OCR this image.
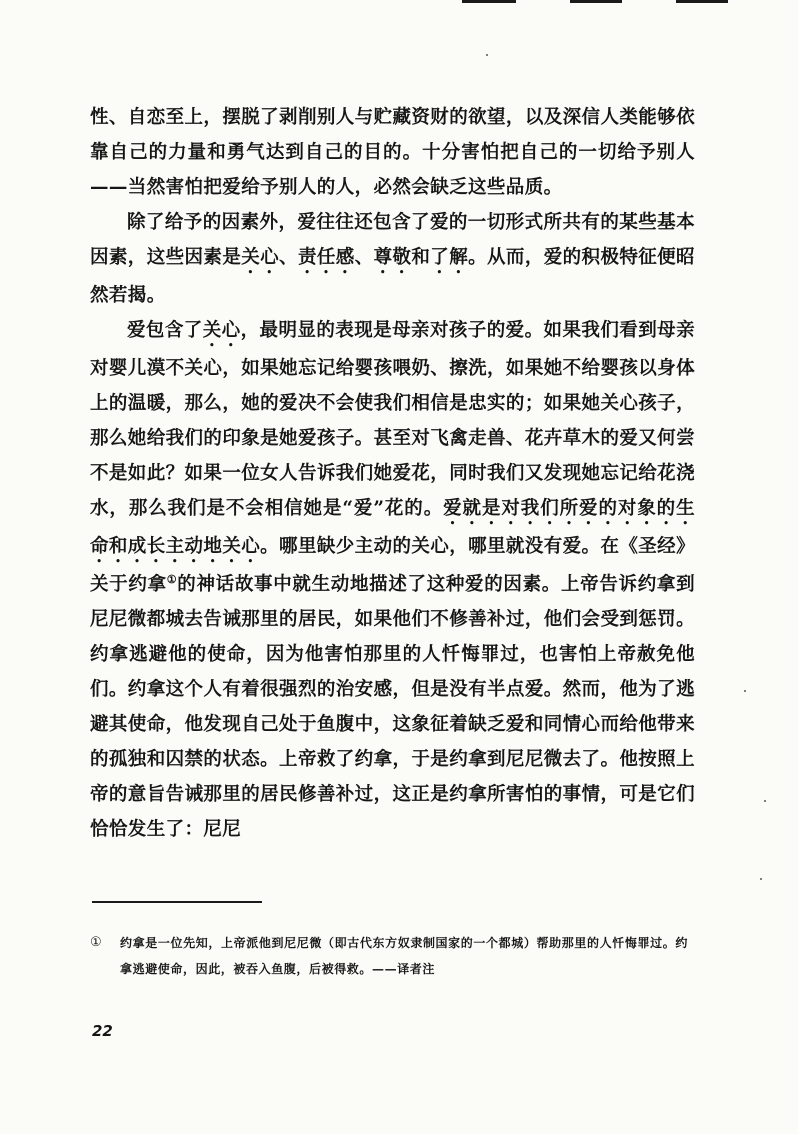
性、自恋至上，摆脱了剥削别人与贮藏资财的欲望，以及深信人类能够依靠自己的力量和勇气达到自己的目的。十分害怕把自己的一切给予别人——当然害怕把爱给予别人的人，必然会缺乏这些品质。

除了给予的因素外，爱往往还包含了爱的一切形式所共有的某些基本因素，这些因素是关心、责任感、尊敬和了解。从而，爱的积极特征便昭然若揭。

爱包含了关心，最明显的表现是母亲对孩子的爱。如果我们看到母亲对婴儿漠不关心，如果她忘记给婴孩喂奶、擦洗，如果她不给婴孩以身体上的温暖，那么，她的爱决不会使我们相信是忠实的；如果她关心孩子，那么她给我们的印象是她爱孩子。甚至对飞禽走兽、花卉草木的爱又何尝不是如此？如果一位女人告诉我们她爱花，同时我们又发现她忘记给花浇水，那么我们是不会相信她是“爱”花的。爱就是对我们所爱的对象的生命和成长主动地关心。哪里缺少主动的关心，哪里就没有爱。在《圣经》关于约拿①的神话故事中就生动地描述了这种爱的因素。上帝告诉约拿到尼尼微都城去告诫那里的居民，如果他们不修善补过，他们会受到惩罚。约拿逃避他的使命，因为他害怕那里的人忏悔罪过，也害怕上帝赦免他们。约拿这个人有着很强烈的治安感，但是没有半点爱。然而，他为了逃避其使命，他发现自己处于鱼腹中，这象征着缺乏爱和同情心而给他带来的孤独和囚禁的状态。上帝救了约拿，于是约拿到尼尼微去了。他按照上帝的意旨告诫那里的居民修善补过，这正是约拿所害怕的事情，可是它们恰恰发生了：尼尼

① 约拿是一位先知，上帝派他到尼尼微（即古代东方奴隶制国家的一个都城）帮助那里的人忏悔罪过。约拿逃避使命，因此，被吞入鱼腹，后被得救。——译者注
22
